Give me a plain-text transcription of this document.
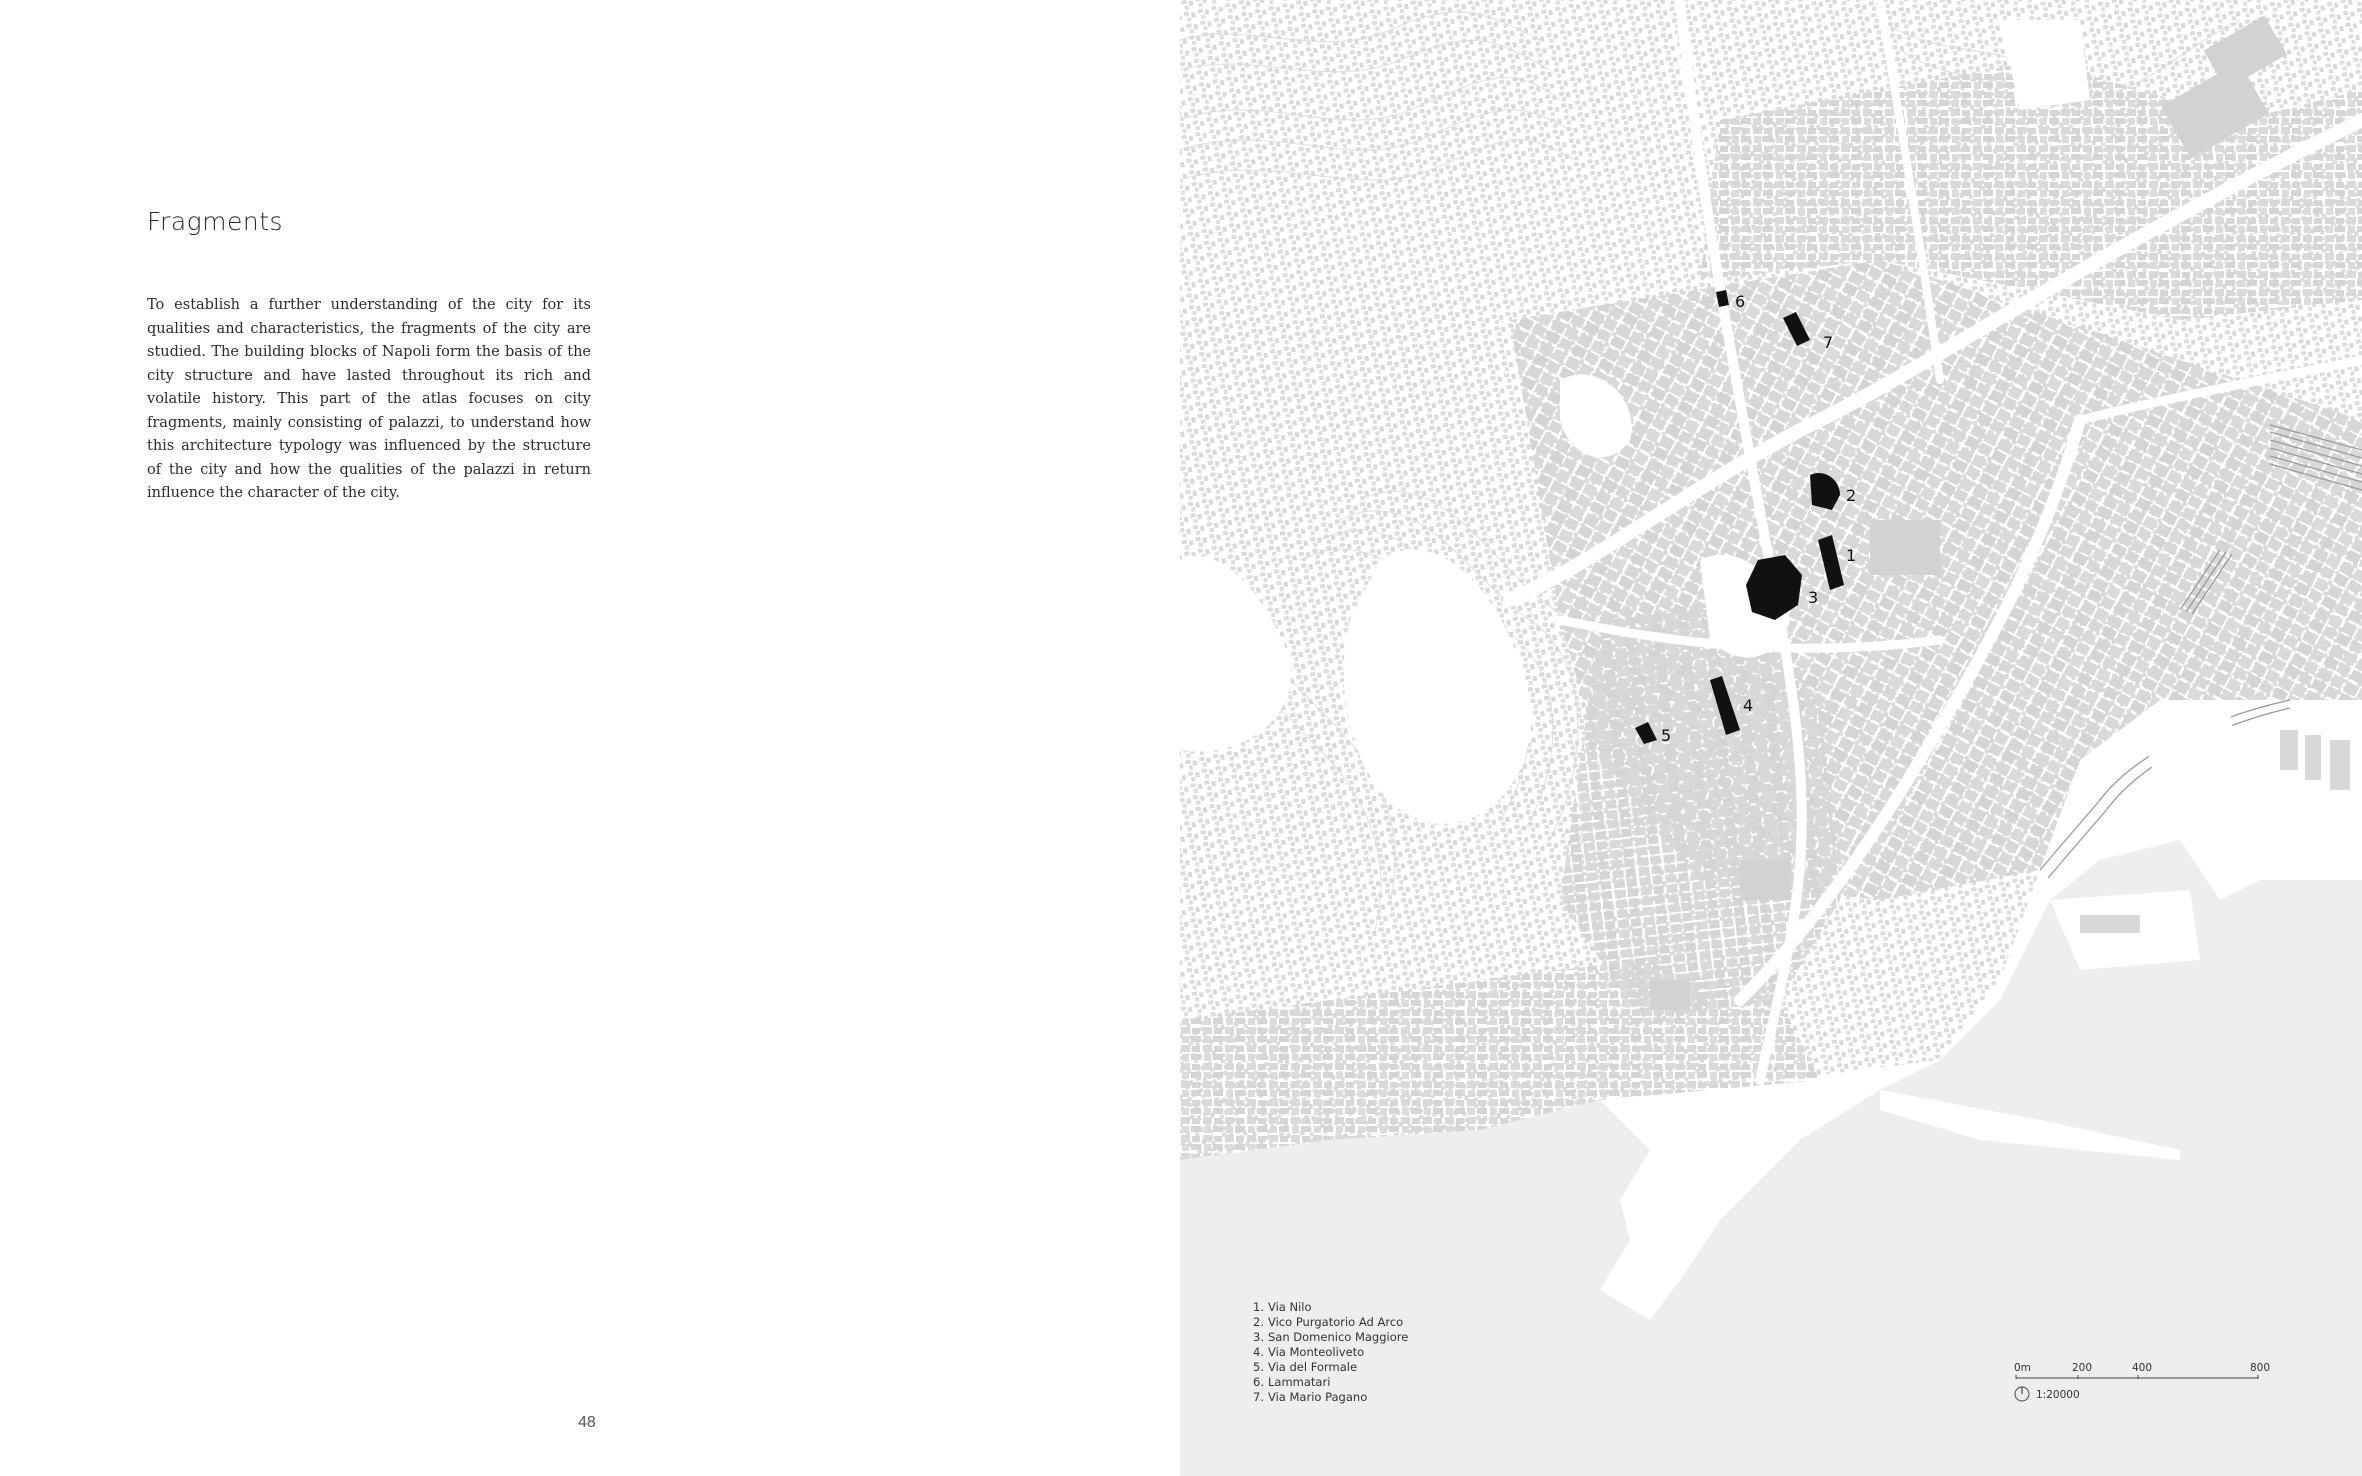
Fragments

To establish a further understanding of the city for its qualities and characteristics, the fragments of the city are studied. The building blocks of Napoli form the basis of the city structure and have lasted throughout its rich and volatile history. This part of the atlas focuses on city fragments, mainly consisting of palazzi, to understand how this architecture typology was influenced by the structure of the city and how the qualities of the palazzi in return influence the character of the city.

48
1
2
3
4
5
6
7
1. Via Nilo
2. Vico Purgatorio Ad Arco
3. San Domenico Maggiore
4. Via Monteoliveto
5. Via del Formale
6. Lammatari
7. Via Mario Pagano
0m	200	400	800
1:20000
